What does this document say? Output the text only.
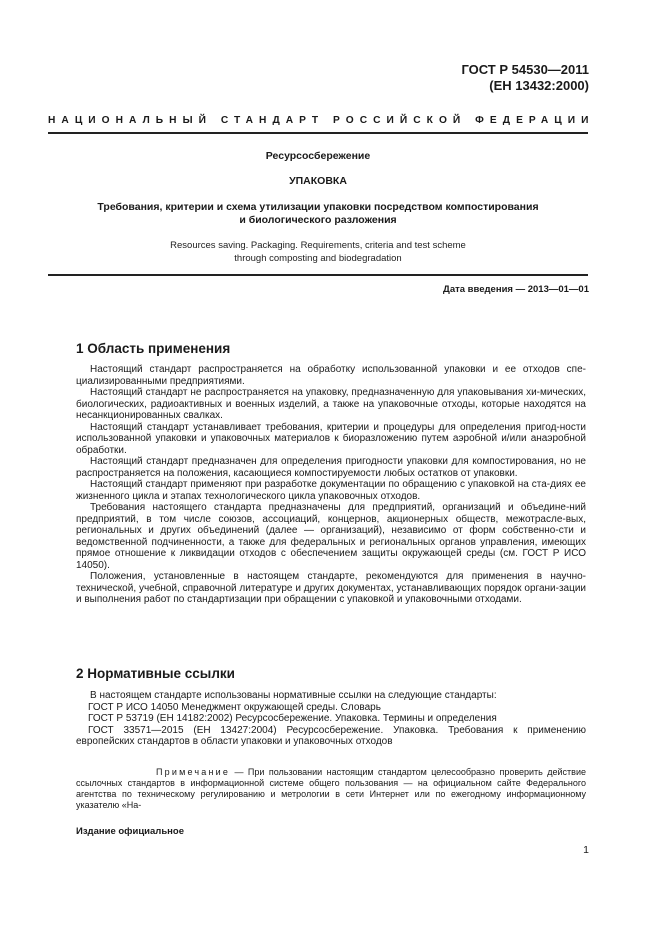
ГОСТ Р 54530—2011
(ЕН 13432:2000)
НАЦИОНАЛЬНЫЙ СТАНДАРТ РОССИЙСКОЙ ФЕДЕРАЦИИ
Ресурсосбережение
УПАКОВКА
Требования, критерии и схема утилизации упаковки посредством компостирования
и биологического разложения
Resources saving. Packaging. Requirements, criteria and test scheme
through composting and biodegradation
Дата введения — 2013—01—01
1 Область применения

Настоящий стандарт распространяется на обработку использованной упаковки и ее отходов спе-циализированными предприятиями.

Настоящий стандарт не распространяется на упаковку, предназначенную для упаковывания хи-мических, биологических, радиоактивных и военных изделий, а также на упаковочные отходы, которые находятся на несанкционированных свалках.

Настоящий стандарт устанавливает требования, критерии и процедуры для определения пригод-ности использованной упаковки и упаковочных материалов к биоразложению путем аэробной и/или анаэробной обработки.

Настоящий стандарт предназначен для определения пригодности упаковки для компостирования, но не распространяется на положения, касающиеся компостируемости любых остатков от упаковки.

Настоящий стандарт применяют при разработке документации по обращению с упаковкой на ста-диях ее жизненного цикла и этапах технологического цикла упаковочных отходов.

Требования настоящего стандарта предназначены для предприятий, организаций и объедине-ний предприятий, в том числе союзов, ассоциаций, концернов, акционерных обществ, межотрасле-вых, региональных и других объединений (далее — организаций), независимо от форм собственно-сти и ведомственной подчиненности, а также для федеральных и региональных органов управления, имеющих прямое отношение к ликвидации отходов с обеспечением защиты окружающей среды (см. ГОСТ Р ИСО 14050).

Положения, установленные в настоящем стандарте, рекомендуются для применения в научно-технической, учебной, справочной литературе и других документах, устанавливающих порядок органи-зации и выполнения работ по стандартизации при обращении с упаковкой и упаковочными отходами.

2 Нормативные ссылки

В настоящем стандарте использованы нормативные ссылки на следующие стандарты:

ГОСТ Р ИСО 14050 Менеджмент окружающей среды. Словарь

ГОСТ Р 53719 (ЕН 14182:2002) Ресурсосбережение. Упаковка. Термины и определения

ГОСТ 33571—2015 (ЕН 13427:2004) Ресурсосбережение. Упаковка. Требования к применению европейских стандартов в области упаковки и упаковочных отходов

Примечание — При пользовании настоящим стандартом целесообразно проверить действие ссылочных стандартов в информационной системе общего пользования — на официальном сайте Федерального агентства по техническому регулированию и метрологии в сети Интернет или по ежегодному информационному указателю «На-

Издание официальное
1
